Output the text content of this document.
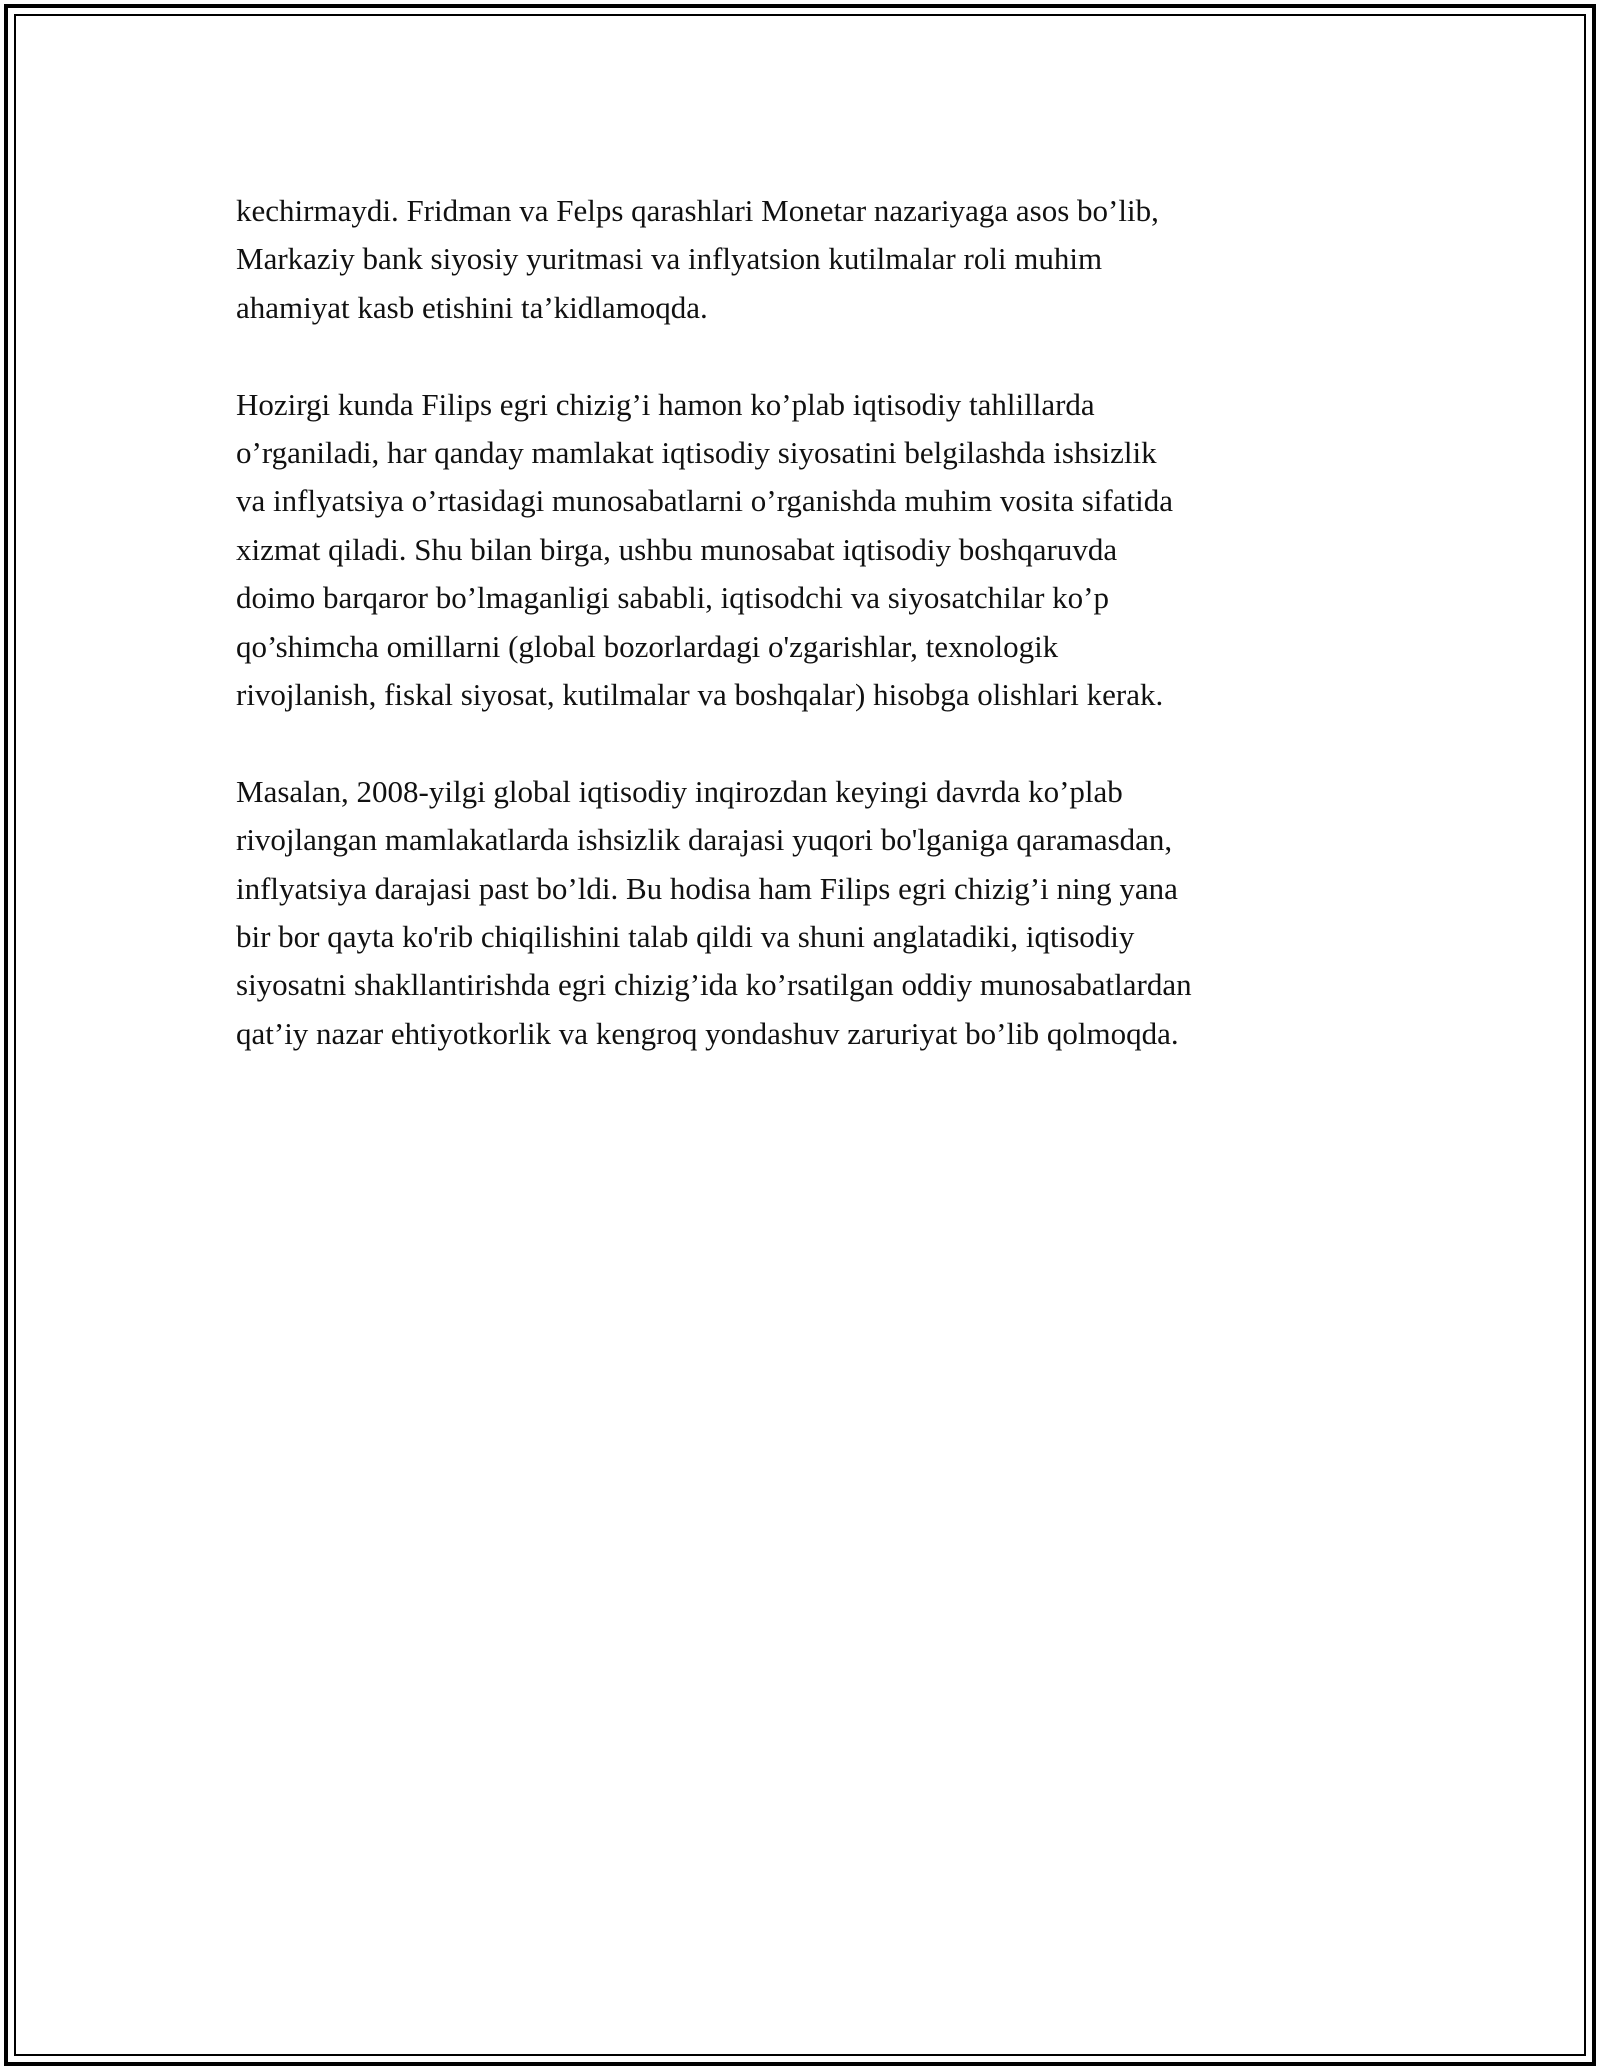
kechirmaydi. Fridman va Felps qarashlari Monetar nazariyaga asos bo’lib,
Markaziy bank siyosiy yuritmasi va inflyatsion kutilmalar roli muhim
ahamiyat kasb etishini ta’kidlamoqda.

Hozirgi kunda Filips egri chizig’i hamon ko’plab iqtisodiy tahlillarda
o’rganiladi, har qanday mamlakat iqtisodiy siyosatini belgilashda ishsizlik
va inflyatsiya o’rtasidagi munosabatlarni o’rganishda muhim vosita sifatida
xizmat qiladi. Shu bilan birga, ushbu munosabat iqtisodiy boshqaruvda
doimo barqaror bo’lmaganligi sababli, iqtisodchi va siyosatchilar ko’p
qo’shimcha omillarni (global bozorlardagi o'zgarishlar, texnologik
rivojlanish, fiskal siyosat, kutilmalar va boshqalar) hisobga olishlari kerak.

Masalan, 2008-yilgi global iqtisodiy inqirozdan keyingi davrda ko’plab
rivojlangan mamlakatlarda ishsizlik darajasi yuqori bo'lganiga qaramasdan,
inflyatsiya darajasi past bo’ldi. Bu hodisa ham Filips egri chizig’i ning yana
bir bor qayta ko'rib chiqilishini talab qildi va shuni anglatadiki, iqtisodiy
siyosatni shakllantirishda egri chizig’ida ko’rsatilgan oddiy munosabatlardan
qat’iy nazar ehtiyotkorlik va kengroq yondashuv zaruriyat bo’lib qolmoqda.
